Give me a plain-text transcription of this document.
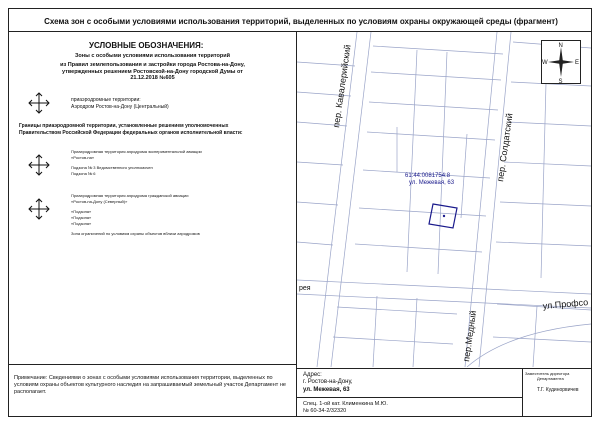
Схема зон с особыми условиями использования территорий, выделенных по условиям охраны окружающей среды (фрагмент)
УСЛОВНЫЕ ОБОЗНАЧЕНИЯ:
Зоны с особыми условиями использования территорий
из Правил землепользования и застройки города Ростова-на-Дону, утвержденных решением Ростовской-на-Дону городской Думы от 21.12.2018 №605
приаэродромные территории:
Аэродром Ростов-на-Дону (Центральный)
Границы приаэродромной территории, установленные решением уполномоченных
Правительством Российской Федерации федеральных органов исполнительной власти:
Приаэродромная территория аэродрома экспериментальной авиации
«Ростов-на»
Подзона № 3 Ведомственного уполномочен
Подзона № 6
Приаэродромная территория аэродрома гражданской авиации
«Ростов-на-Дону (Северный)»
«Подзона»
«Подзона»
«Подзона»
Зона ограничений по условиям охраны объектов вблизи аэродромов
Примечание: Сведениями о зонах с особыми условиями использования территории, выделенных по условиям охраны объектов культурного наследия на запрашиваемый земельный участок Департамент не располагает.
пер. Кавалерийский
пер. Солдатский
ул.Профсо
пер.Медный
рея
61:44:0081754:8
ул. Межевая, 63
N
S
W	E
Адрес:
г. Ростов-на-Дону,
ул. Межевая, 63
Спец. 1-ой кат. Клименкина М.Ю.
№ 60-34-2/32320
Заместитель директора
Департамента
Т.Г. Кудинорвичев
